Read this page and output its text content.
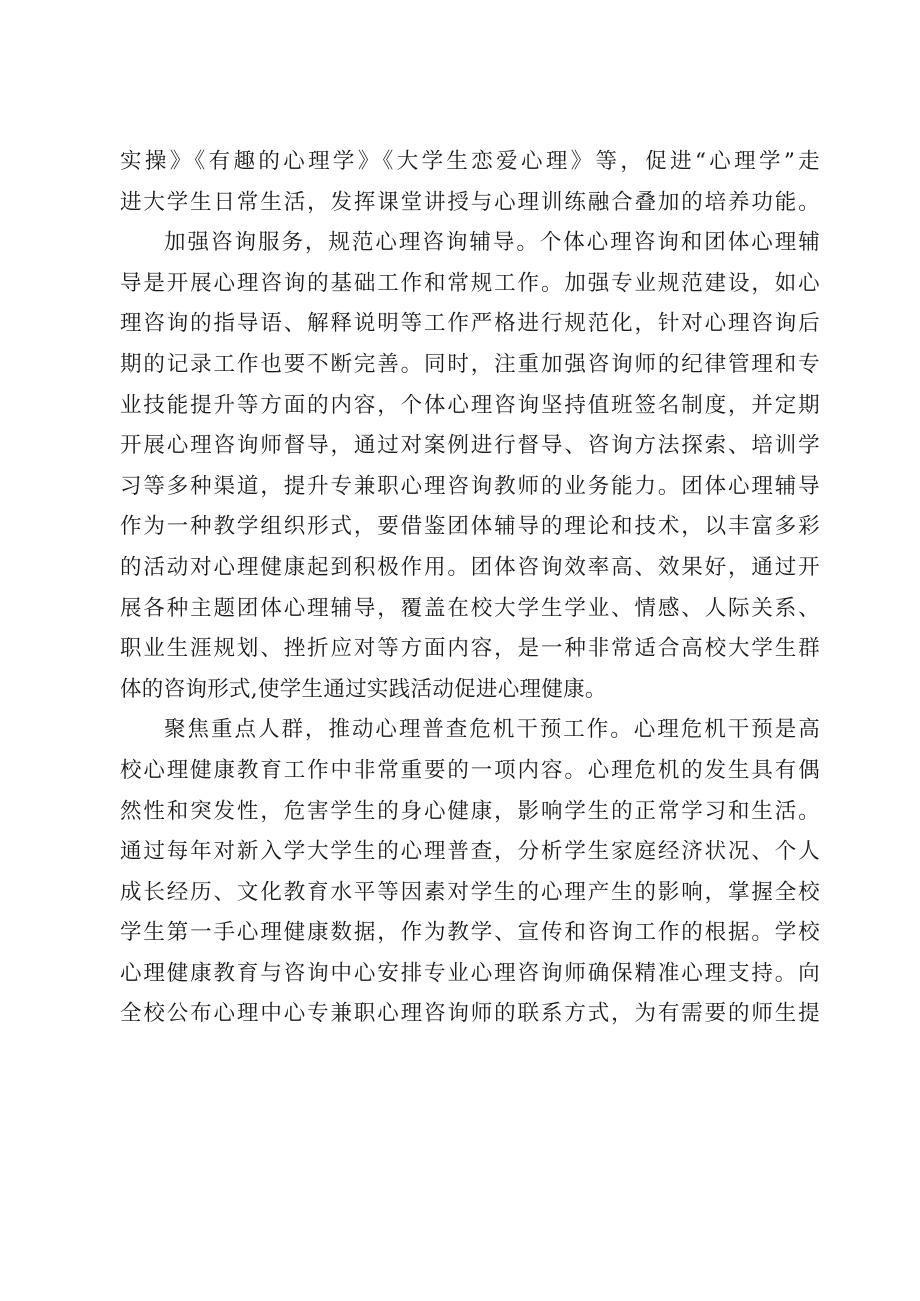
实操》《有趣的心理学》《大学生恋爱心理》等，促进“心理学”走
进大学生日常生活，发挥课堂讲授与心理训练融合叠加的培养功能。
加强咨询服务，规范心理咨询辅导。个体心理咨询和团体心理辅
导是开展心理咨询的基础工作和常规工作。加强专业规范建设，如心
理咨询的指导语、解释说明等工作严格进行规范化，针对心理咨询后
期的记录工作也要不断完善。同时，注重加强咨询师的纪律管理和专
业技能提升等方面的内容，个体心理咨询坚持值班签名制度，并定期
开展心理咨询师督导，通过对案例进行督导、咨询方法探索、培训学
习等多种渠道，提升专兼职心理咨询教师的业务能力。团体心理辅导
作为一种教学组织形式，要借鉴团体辅导的理论和技术，以丰富多彩
的活动对心理健康起到积极作用。团体咨询效率高、效果好，通过开
展各种主题团体心理辅导，覆盖在校大学生学业、情感、人际关系、
职业生涯规划、挫折应对等方面内容，是一种非常适合高校大学生群
体的咨询形式,使学生通过实践活动促进心理健康。
聚焦重点人群，推动心理普查危机干预工作。心理危机干预是高
校心理健康教育工作中非常重要的一项内容。心理危机的发生具有偶
然性和突发性，危害学生的身心健康，影响学生的正常学习和生活。
通过每年对新入学大学生的心理普查，分析学生家庭经济状况、个人
成长经历、文化教育水平等因素对学生的心理产生的影响，掌握全校
学生第一手心理健康数据，作为教学、宣传和咨询工作的根据。学校
心理健康教育与咨询中心安排专业心理咨询师确保精准心理支持。向
全校公布心理中心专兼职心理咨询师的联系方式，为有需要的师生提
